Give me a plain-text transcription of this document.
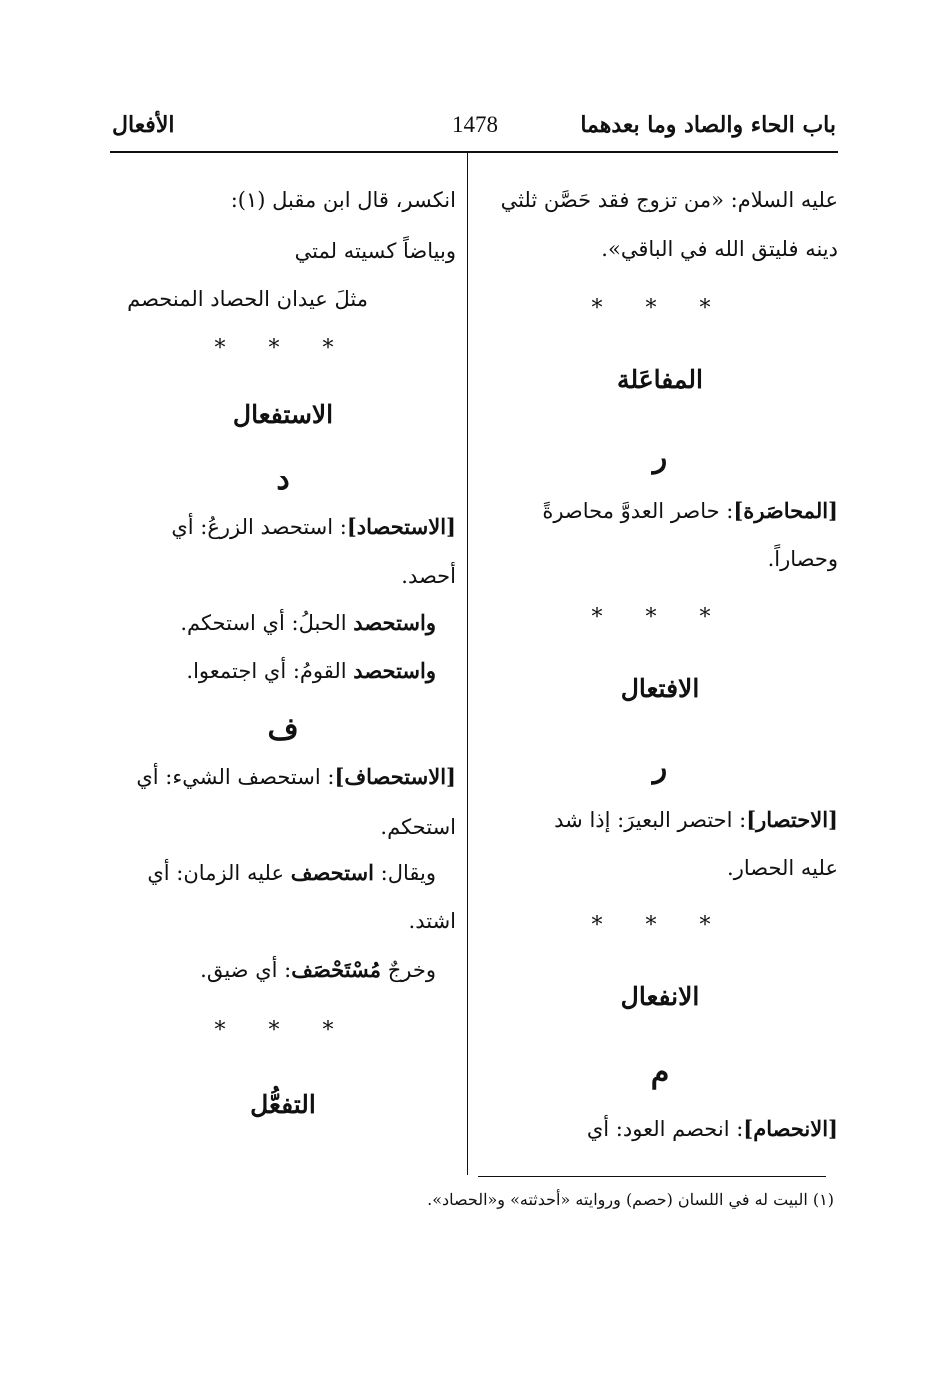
باب الحاء والصاد وما بعدهما
1478
الأفعال
عليه السلام: «من تزوج فقد حَصَّن ثلثي
دينه فليتق الله في الباقي».
* * *
المفاعَلة
ر
[المحاصَرة]: حاصر العدوَّ محاصرةً
وحصاراً.
* * *
الافتعال
ر
[الاحتصار]: احتصر البعيرَ: إذا شد
عليه الحصار.
* * *
الانفعال
م
[الانحصام]: انحصم العود: أي
انكسر، قال ابن مقبل (١):
وبياضاً كسيته لمتي
مثلَ عيدان الحصاد المنحصم
* * *
الاستفعال
د
[الاستحصاد]: استحصد الزرعُ: أي
أحصد.
واستحصد الحبلُ: أي استحكم.
واستحصد القومُ: أي اجتمعوا.
ف
[الاستحصاف]: استحصف الشيء: أي
استحكم.
ويقال: استحصف عليه الزمان: أي
اشتد.
وخرجٌ مُسْتَحْصَف: أي ضيق.
* * *
التفعُّل
(١) البيت له في اللسان (حصم) وروايته «أحدثته» و«الحصاد».
